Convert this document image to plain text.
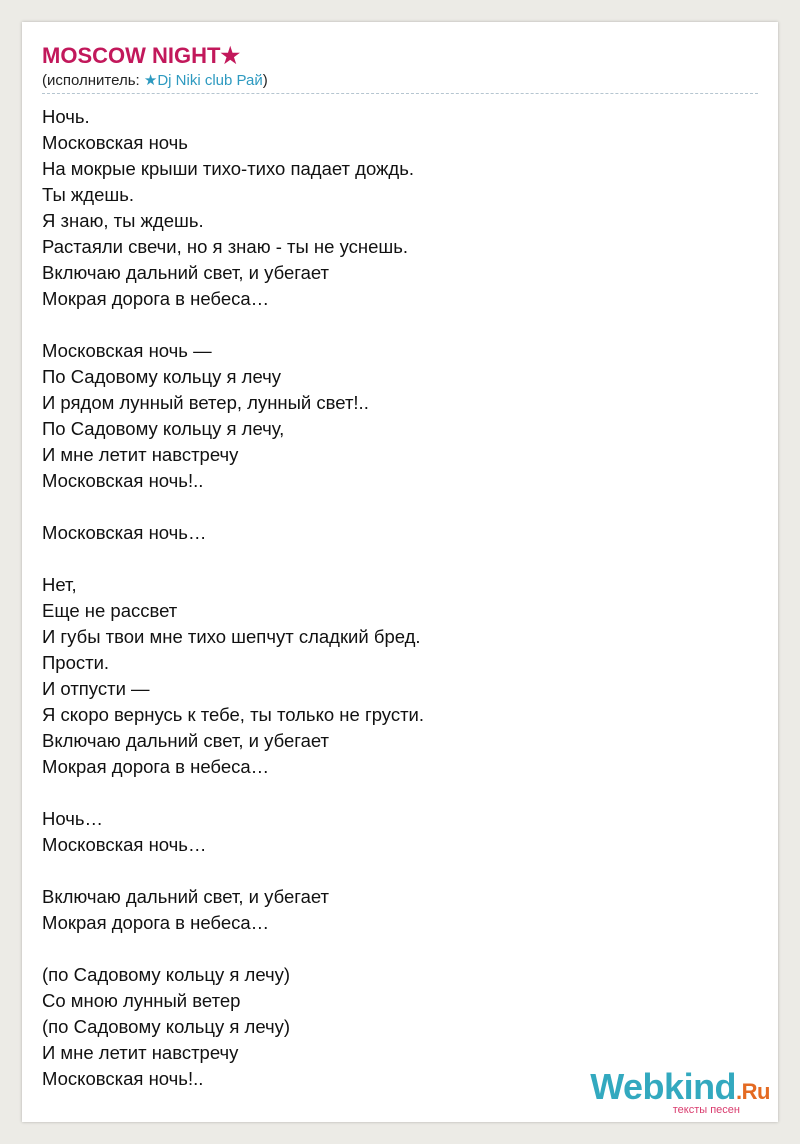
MOSCOW NIGHT★
(исполнитель: ★Dj Niki club Рай)
Ночь.
Московская ночь
На мокрые крыши тихо-тихо падает дождь.
Ты ждешь.
Я знаю, ты ждешь.
Растаяли свечи, но я знаю - ты не уснешь.
Включаю дальний свет, и убегает
Мокрая дорога в небеса…

Московская ночь —
По Садовому кольцу я лечу
И рядом лунный ветер, лунный свет!..
По Садовому кольцу я лечу,
И мне летит навстречу
Московская ночь!..

Московская ночь…

Нет,
Еще не рассвет
И губы твои мне тихо шепчут сладкий бред.
Прости.
И отпусти —
Я скоро вернусь к тебе, ты только не грусти.
Включаю дальний свет, и убегает
Мокрая дорога в небеса…

Ночь…
Московская ночь…

Включаю дальний свет, и убегает
Мокрая дорога в небеса…

(по Садовому кольцу я лечу)
Со мною лунный ветер
(по Садовому кольцу я лечу)
И мне летит навстречу
Московская ночь!..	Webkind.Ru
тексты песен
